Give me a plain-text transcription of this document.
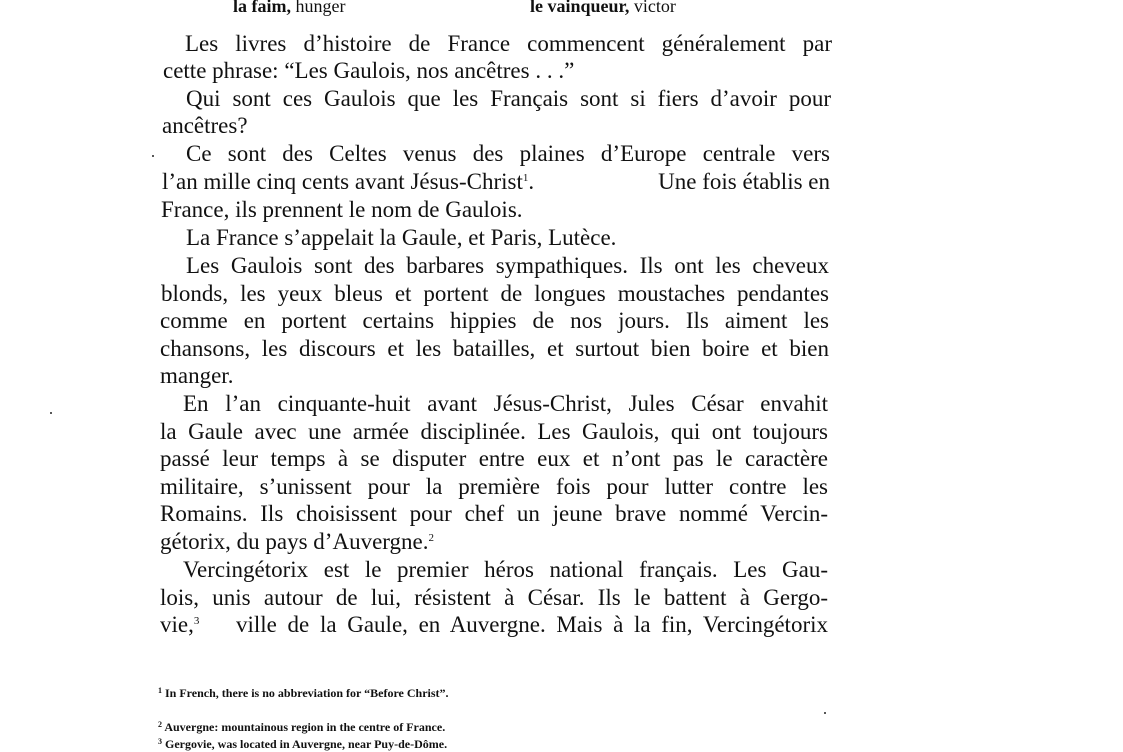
la faim, hunger	le vainqueur, victor
Les livres d’histoire de France commencent généralement par
cette phrase: “Les Gaulois, nos ancêtres . . .”
Qui sont ces Gaulois que les Français sont si fiers d’avoir pour
ancêtres?
Ce sont des Celtes venus des plaines d’Europe centrale vers
l’an mille cinq cents avant Jésus-Christ$^1$.	Une fois établis en
France, ils prennent le nom de Gaulois.
La France s’appelait la Gaule, et Paris, Lutèce.
Les Gaulois sont des barbares sympathiques. Ils ont les cheveux
blonds, les yeux bleus et portent de longues moustaches pendantes
comme en portent certains hippies de nos jours. Ils aiment les
chansons, les discours et les batailles, et surtout bien boire et bien
manger.
En l’an cinquante-huit avant Jésus-Christ, Jules César envahit
la Gaule avec une armée disciplinée. Les Gaulois, qui ont toujours
passé leur temps à se disputer entre eux et n’ont pas le caractère
militaire, s’unissent pour la première fois pour lutter contre les
Romains. Ils choisissent pour chef un jeune brave nommé Vercin-
gétorix, du pays d’Auvergne.$^2$
Vercingétorix est le premier héros national français. Les Gau-
lois, unis autour de lui, résistent à César. Ils le battent à Gergo-
vie,$^3$ ville de la Gaule, en Auvergne. Mais à la fin, Vercingétorix
$^1$ In French, there is no abbreviation for “Before Christ”.
$^2$ Auvergne: mountainous region in the centre of France.
$^3$ Gergovie, was located in Auvergne, near Puy-de-Dôme.
